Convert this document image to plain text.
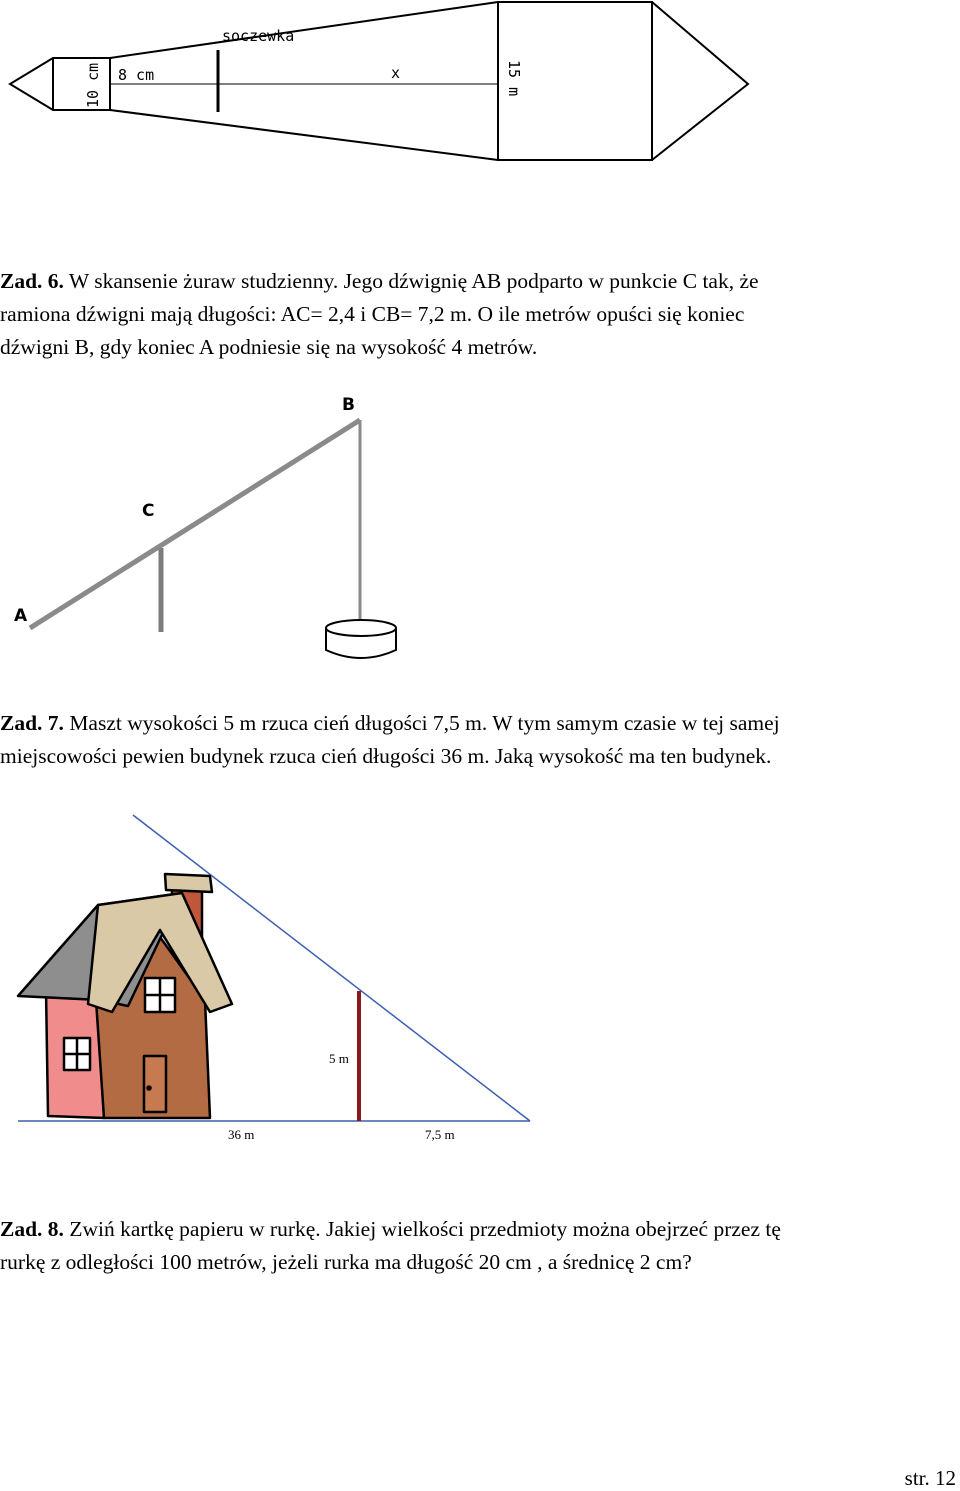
soczewka
10 cm 8 cm	x	15 m

Zad. 6. W skansenie żuraw studzienny. Jego dźwignię AB podparto w punkcie C tak, że

ramiona dźwigni mają długości: AC= 2,4 i CB= 7,2 m. O ile metrów opuści się koniec

dźwigni B, gdy koniec A podniesie się na wysokość 4 metrów.

A
B
C

Zad. 7. Maszt wysokości 5 m rzuca cień długości 7,5 m. W tym samym czasie w tej samej

miejscowości pewien budynek rzuca cień długości 36 m. Jaką wysokość ma ten budynek.

5 m
36 m	7,5 m

Zad. 8. Zwiń kartkę papieru w rurkę. Jakiej wielkości przedmioty można obejrzeć przez tę

rurkę z odległości 100 metrów, jeżeli rurka ma długość 20 cm , a średnicę 2 cm?

str. 12
